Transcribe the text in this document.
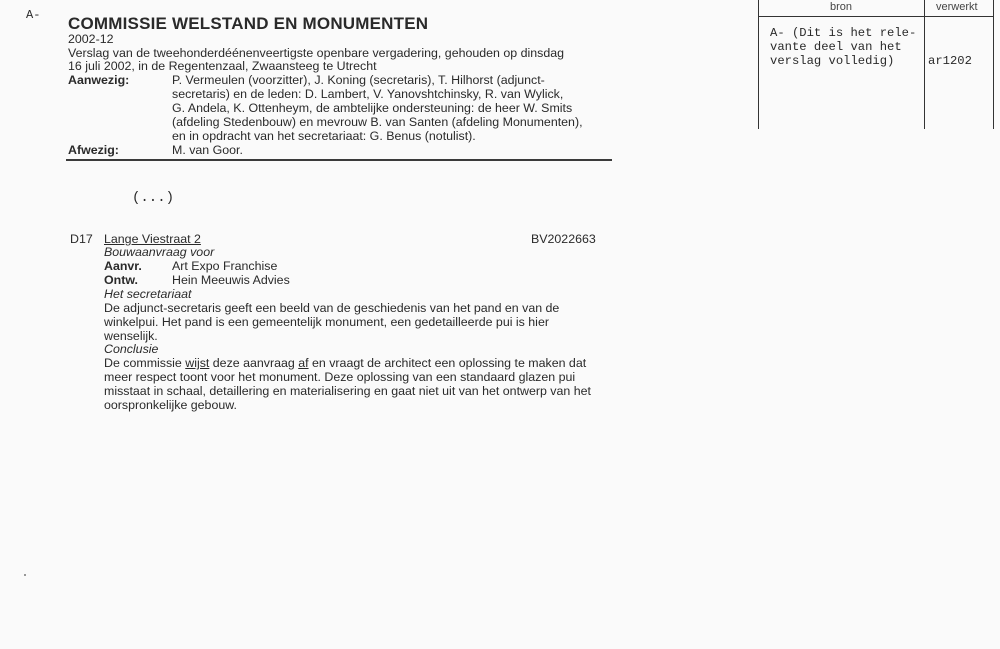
A- COMMISSIE WELSTAND EN MONUMENTEN
2002-12
Verslag van de tweehonderdéénenveertigste openbare vergadering, gehouden op dinsdag
16 juli 2002, in de Regentenzaal, Zwaansteeg te Utrecht
Aanwezig:	P. Vermeulen (voorzitter), J. Koning (secretaris), T. Hilhorst (adjunct-
secretaris) en de leden: D. Lambert, V. Yanovshtchinsky, R. van Wylick,
G. Andela, K. Ottenheym, de ambtelijke ondersteuning: de heer W. Smits
(afdeling Stedenbouw) en mevrouw B. van Santen (afdeling Monumenten),
en in opdracht van het secretariaat: G. Benus (notulist).
Afwezig:	M. van Goor.
bron	verwerkt
A- (Dit is het rele-
vante deel van het
verslag volledig)	ar1202
(...)
D17 Lange Viestraat 2	BV2022663
Bouwaanvraag voor
Aanvr. Art Expo Franchise
Ontw.	Hein Meeuwis Advies
Het secretariaat
De adjunct-secretaris geeft een beeld van de geschiedenis van het pand en van de
winkelpui. Het pand is een gemeentelijk monument, een gedetailleerde pui is hier
wenselijk.
Conclusie
De commissie wijst deze aanvraag af en vraagt de architect een oplossing te maken dat
meer respect toont voor het monument. Deze oplossing van een standaard glazen pui
misstaat in schaal, detaillering en materialisering en gaat niet uit van het ontwerp van het
oorspronkelijke gebouw.
